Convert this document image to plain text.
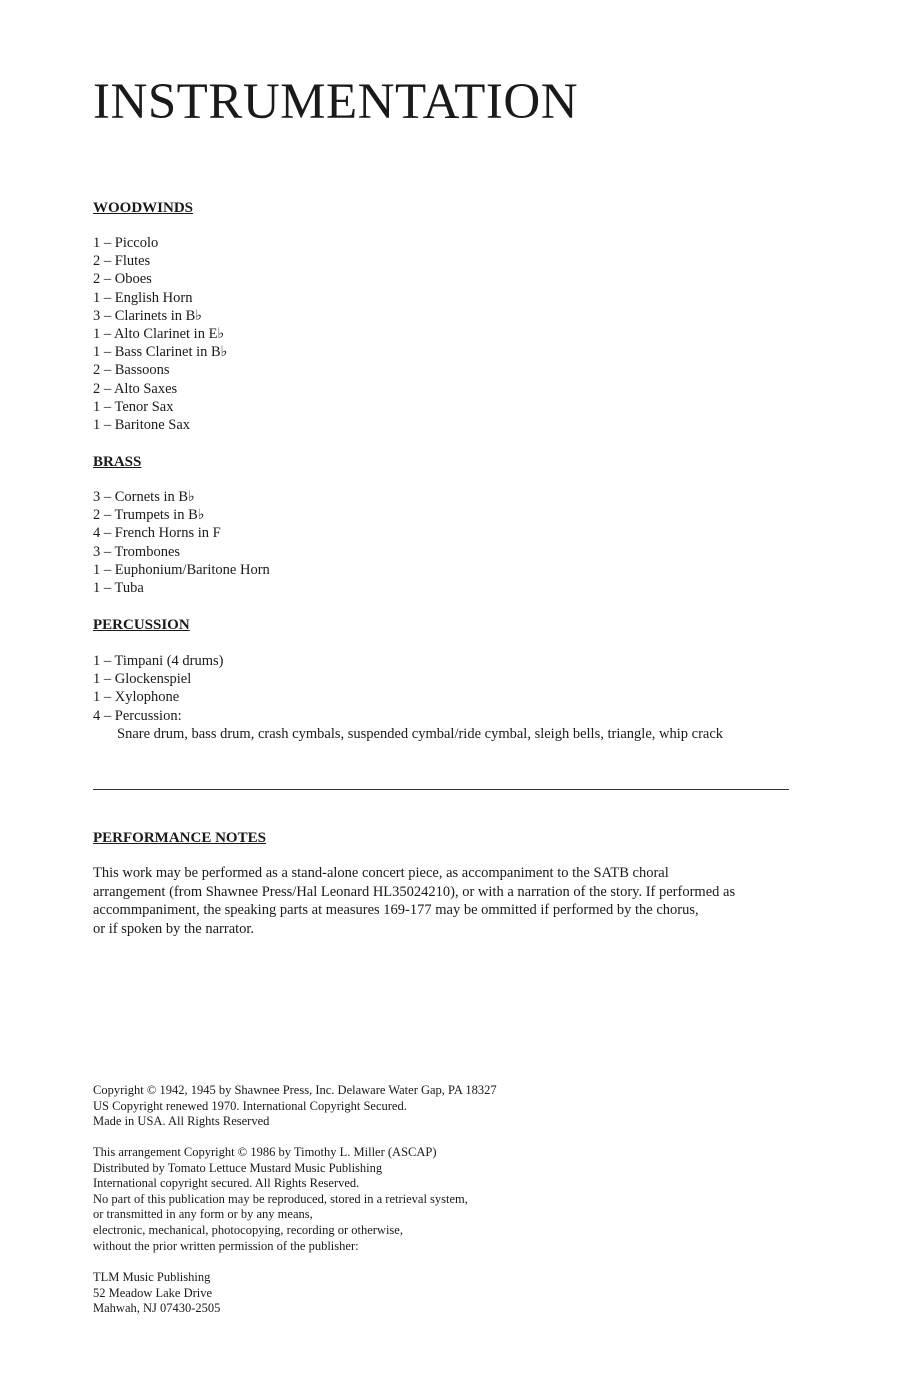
INSTRUMENTATION
WOODWINDS
1 – Piccolo
2 – Flutes
2 – Oboes
1 – English Horn
3 – Clarinets in B♭
1 – Alto Clarinet in E♭
1 – Bass Clarinet in B♭
2 – Bassoons
2 – Alto Saxes
1 – Tenor Sax
1 – Baritone Sax
BRASS
3 – Cornets in B♭
2 – Trumpets in B♭
4 – French Horns in F
3 – Trombones
1 – Euphonium/Baritone Horn
1 – Tuba
PERCUSSION
1 – Timpani (4 drums)
1 – Glockenspiel
1 – Xylophone
4 – Percussion:
Snare drum, bass drum, crash cymbals, suspended cymbal/ride cymbal, sleigh bells, triangle, whip crack
PERFORMANCE NOTES

This work may be performed as a stand-alone concert piece, as accompaniment to the SATB choral
arrangement (from Shawnee Press/Hal Leonard HL35024210), or with a narration of the story. If performed as
accommpaniment, the speaking parts at measures 169-177 may be ommitted if performed by the chorus,
or if spoken by the narrator.

Copyright © 1942, 1945 by Shawnee Press, Inc. Delaware Water Gap, PA 18327
US Copyright renewed 1970. International Copyright Secured.
Made in USA. All Rights Reserved

This arrangement Copyright © 1986 by Timothy L. Miller (ASCAP)
Distributed by Tomato Lettuce Mustard Music Publishing
International copyright secured. All Rights Reserved.
No part of this publication may be reproduced, stored in a retrieval system,
or transmitted in any form or by any means,
electronic, mechanical, photocopying, recording or otherwise,
without the prior written permission of the publisher:

TLM Music Publishing
52 Meadow Lake Drive
Mahwah, NJ 07430-2505
